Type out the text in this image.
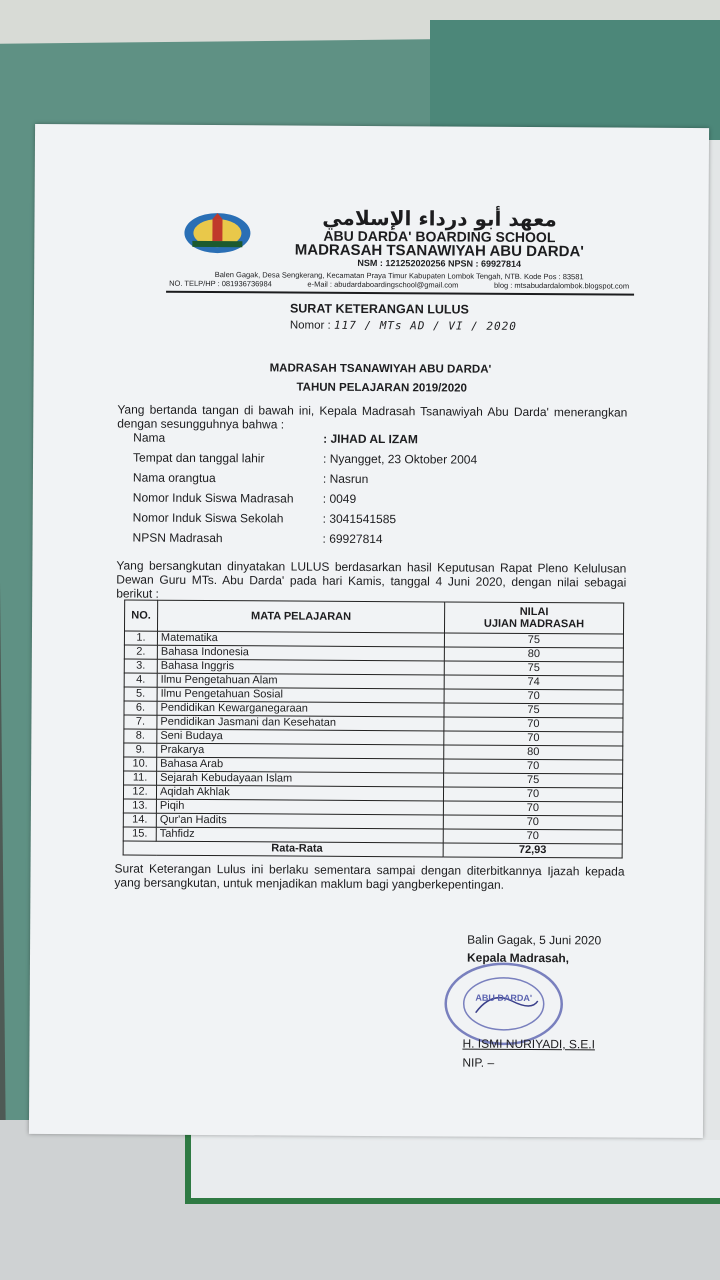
معهد أبو درداء الإسلامي
ABU DARDA' BOARDING SCHOOL
MADRASAH TSANAWIYAH ABU DARDA'
NSM : 121252020256 NPSN : 69927814
Balen Gagak, Desa Sengkerang, Kecamatan Praya Timur Kabupaten Lombok Tengah, NTB. Kode Pos : 83581
NO. TELP/HP : 081936736984	e-Mail : abudardaboardingschool@gmail.com	blog : mtsabudardalombok.blogspot.com
SURAT KETERANGAN LULUS
Nomor : 117 / MTs AD / VI / 2020
MADRASAH TSANAWIYAH ABU DARDA'
TAHUN PELAJARAN 2019/2020
Yang bertanda tangan di bawah ini, Kepala Madrasah Tsanawiyah Abu Darda' menerangkan dengan sesungguhnya bahwa :
Nama	: JIHAD AL IZAM
Tempat dan tanggal lahir	: Nyangget, 23 Oktober 2004
Nama orangtua	: Nasrun
Nomor Induk Siswa Madrasah : 0049
Nomor Induk Siswa Sekolah	: 3041541585
NPSN Madrasah	: 69927814
Yang bersangkutan dinyatakan LULUS berdasarkan hasil Keputusan Rapat Pleno Kelulusan Dewan Guru MTs. Abu Darda' pada hari Kamis, tanggal 4 Juni 2020, dengan nilai sebagai berikut :
NO.	MATA PELAJARAN	NILAI
UJIAN MADRASAH
1.	Matematika	75
2.	Bahasa Indonesia	80
3.	Bahasa Inggris	75
4.	Ilmu Pengetahuan Alam	74
5.	Ilmu Pengetahuan Sosial	70
6.	Pendidikan Kewarganegaraan	75
7.	Pendidikan Jasmani dan Kesehatan	70
8.	Seni Budaya	70
9.	Prakarya	80
10.	Bahasa Arab	70
11.	Sejarah Kebudayaan Islam	75
12.	Aqidah Akhlak	70
13.	Piqih	70
14.	Qur'an Hadits	70
15.	Tahfidz	70
Rata-Rata		72,93
Surat Keterangan Lulus ini berlaku sementara sampai dengan diterbitkannya Ijazah kepada yang bersangkutan, untuk menjadikan maklum bagi yangberkepentingan.
Balin Gagak, 5 Juni 2020
Kepala Madrasah,
ABU DARDA'
H. ISMI NURIYADI, S.E.I
NIP. –
